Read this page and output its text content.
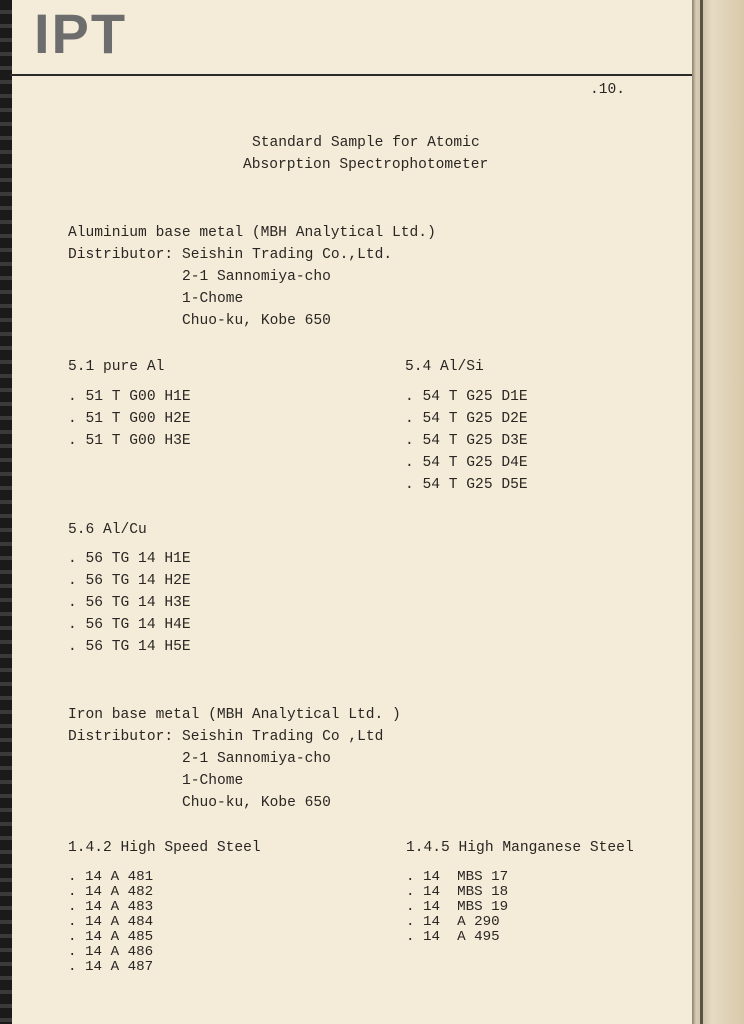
IPT
.10.
Standard Sample for Atomic
Absorption Spectrophotometer
Aluminium base metal (MBH Analytical Ltd.)
Distributor: Seishin Trading Co.,Ltd.
2-1 Sannomiya-cho
1-Chome
Chuo-ku, Kobe 650
5.1 pure Al
. 51 T G00 H1E
. 51 T G00 H2E
. 51 T G00 H3E
5.4 Al/Si
. 54 T G25 D1E
. 54 T G25 D2E
. 54 T G25 D3E
. 54 T G25 D4E
. 54 T G25 D5E
5.6 Al/Cu
. 56 TG 14 H1E
. 56 TG 14 H2E
. 56 TG 14 H3E
. 56 TG 14 H4E
. 56 TG 14 H5E
Iron base metal (MBH Analytical Ltd. )
Distributor: Seishin Trading Co ,Ltd
2-1 Sannomiya-cho
1-Chome
Chuo-ku, Kobe 650
1.4.2 High Speed Steel
. 14 A 481
. 14 A 482
. 14 A 483
. 14 A 484
. 14 A 485
. 14 A 486
. 14 A 487
1.4.5 High Manganese Steel
. 14  MBS 17
. 14  MBS 18
. 14  MBS 19
. 14  A 290
. 14  A 495
